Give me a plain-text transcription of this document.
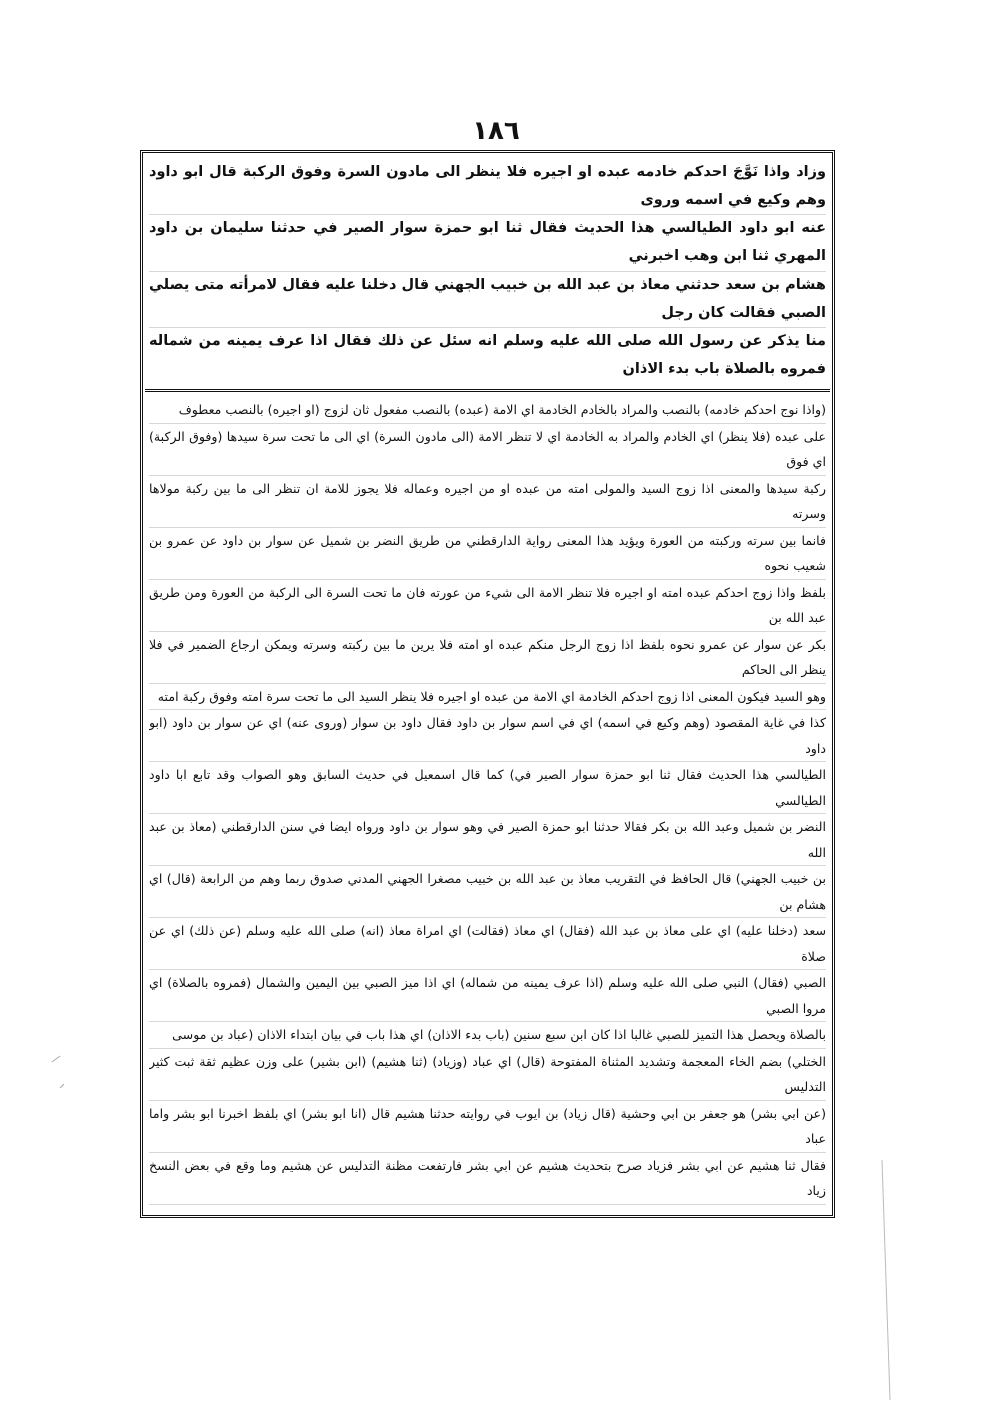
١٨٦
وزاد واذا نَوَّجَ احدكم خادمه عبده او اجيره فلا ينظر الى مادون السرة وفوق الركبة قال ابو داود وهم وكيع في اسمه وروى
عنه ابو داود الطيالسي هذا الحديث فقال ثنا ابو حمزة سوار الصير في حدثنا سليمان بن داود المهري ثنا ابن وهب اخبرني
هشام بن سعد حدثني معاذ بن عبد الله بن خبيب الجهني قال دخلنا عليه فقال لامرأته متى يصلي الصبي فقالت كان رجل
منا يذكر عن رسول الله صلى الله عليه وسلم انه سئل عن ذلك فقال اذا عرف يمينه من شماله فمروه بالصلاة باب بدء الاذان
(واذا نوج احدكم خادمه) بالنصب والمراد بالخادم الخادمة اي الامة (عبده) بالنصب مفعول ثان لزوج (او اجيره) بالنصب معطوف
على عبده (فلا ينظر) اي الخادم والمراد به الخادمة اي لا تنظر الامة (الى مادون السرة) اي الى ما تحت سرة سيدها (وفوق الركبة) اي فوق
ركبة سيدها والمعنى اذا زوج السيد والمولى امته من عبده او من اجيره وعماله فلا يجوز للامة ان تنظر الى ما بين ركبة مولاها وسرته
فانما بين سرته وركبته من العورة ويؤيد هذا المعنى رواية الدارقطني من طريق النضر بن شميل عن سوار بن داود عن عمرو بن شعيب نحوه
بلفظ واذا زوج احدكم عبده امته او اجيره فلا تنظر الامة الى شيء من عورته فان ما تحت السرة الى الركبة من العورة ومن طريق عبد الله بن
بكر عن سوار عن عمرو نحوه بلفظ اذا زوج الرجل منكم عبده او امته فلا يرين ما بين ركبته وسرته ويمكن ارجاع الضمير في فلا ينظر الى الحاكم
وهو السيد فيكون المعنى اذا زوج احدكم الخادمة اي الامة من عبده او اجيره فلا ينظر السيد الى ما تحت سرة امته وفوق ركبة امته
كذا في غاية المقصود (وهم وكيع في اسمه) اي في اسم سوار بن داود فقال داود بن سوار (وروى عنه) اي عن سوار بن داود (ابو داود
الطيالسي هذا الحديث فقال ثنا ابو حمزة سوار الصير في) كما قال اسمعيل في حديث السابق وهو الصواب وقد تابع ابا داود الطيالسي
النضر بن شميل وعبد الله بن بكر فقالا حدثنا ابو حمزة الصير في وهو سوار بن داود ورواه ايضا في سنن الدارقطني (معاذ بن عبد الله
بن خبيب الجهني) قال الحافظ في التقريب معاذ بن عبد الله بن خبيب مصغرا الجهني المدني صدوق ربما وهم من الرابعة (قال) اي هشام بن
سعد (دخلنا عليه) اي على معاذ بن عبد الله (فقال) اي معاذ (فقالت) اي امراة معاذ (انه) صلى الله عليه وسلم (عن ذلك) اي عن صلاة
الصبي (فقال) النبي صلى الله عليه وسلم (اذا عرف يمينه من شماله) اي اذا ميز الصبي بين اليمين والشمال (فمروه بالصلاة) اي مروا الصبي
بالصلاة ويحصل هذا التميز للصبي غالبا اذا كان ابن سبع سنين (باب بدء الاذان) اي هذا باب في بيان ابتداء الاذان (عباد بن موسى
الختلي) بضم الخاء المعجمة وتشديد المثناة المفتوحة (قال) اي عباد (وزياد) (ثنا هشيم) (ابن بشير) على وزن عظيم ثقة ثبت كثير التدليس
(عن ابي بشر) هو جعفر بن ابي وحشية (قال زياد) بن ايوب في روايته حدثنا هشيم قال (انا ابو بشر) اي بلفظ اخبرنا ابو بشر واما عباد
فقال ثنا هشيم عن ابي بشر فزياد صرح بتحديث هشيم عن ابي بشر فارتفعت مظنة التدليس عن هشيم وما وقع في بعض النسخ زياد
